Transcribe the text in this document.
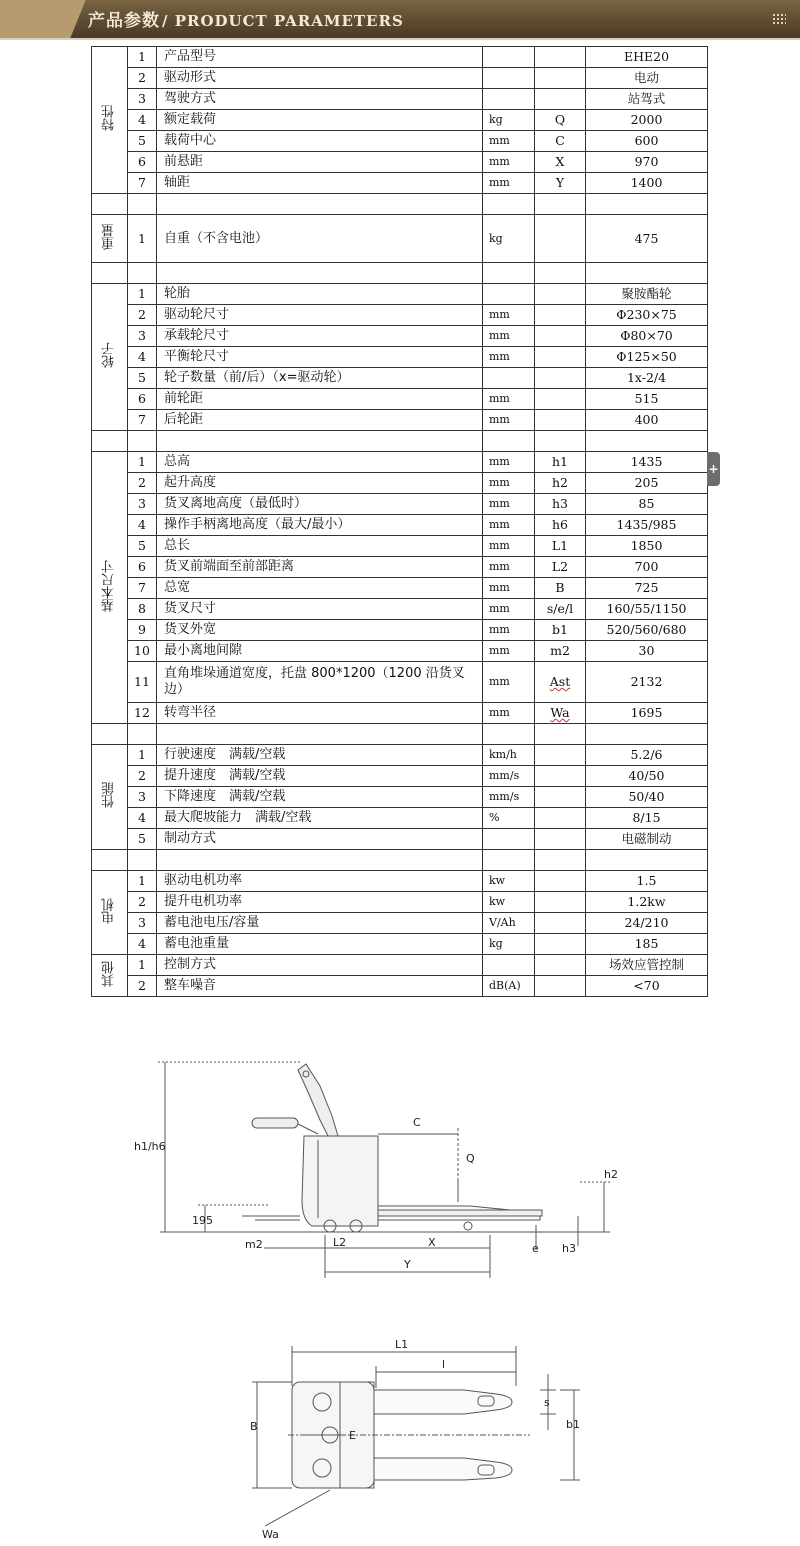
产品参数 / PRODUCT PARAMETERS
特性	1	产品型号			EHE20
	2	驱动形式			电动
	3	驾驶方式			站驾式
	4	额定载荷	kg	Q	2000
	5	载荷中心	mm	C	600
	6	前悬距	mm	X	970
	7	轴距	mm	Y	1400

重量	1	自重（不含电池）	kg		475

轮子	1	轮胎			聚胺酯轮
	2	驱动轮尺寸	mm		Φ230×75
	3	承载轮尺寸	mm		Φ80×70
	4	平衡轮尺寸	mm		Φ125×50
	5	轮子数量（前/后）（x=驱动轮）			1x-2/4
	6	前轮距	mm		515
	7	后轮距	mm		400

基本尺寸	1	总高	mm	h1	1435
	2	起升高度	mm	h2	205
	3	货叉离地高度（最低时）	mm	h3	85
	4	操作手柄离地高度（最大/最小）	mm	h6	1435/985
	5	总长	mm	L1	1850
	6	货叉前端面至前部距离	mm	L2	700
	7	总宽	mm	B	725
	8	货叉尺寸	mm	s/e/l	160/55/1150
	9	货叉外宽	mm	b1	520/560/680
	10	最小离地间隙	mm	m2	30
	11	直角堆垛通道宽度，托盘 800*1200（1200 沿货叉边）	mm	Ast	2132
	12	转弯半径	mm	Wa	1695

性能	1	行驶速度　满载/空载	km/h		5.2/6
	2	提升速度　满载/空载	mm/s		40/50
	3	下降速度　满载/空载	mm/s		50/40
	4	最大爬坡能力　满载/空载	%		8/15
	5	制动方式			电磁制动

电机	1	驱动电机功率	kw		1.5
	2	提升电机功率	kw		1.2kw
	3	蓄电池电压/容量	V/Ah		24/210
	4	蓄电池重量	kg		185
其他	1	控制方式			场效应管控制
	2	整车噪音	dB(A)		<70
+
h1/h6
C
Q
h2
195
m2	L2	X	e h3
Y
L1
l
s
B
E
b1
Wa
